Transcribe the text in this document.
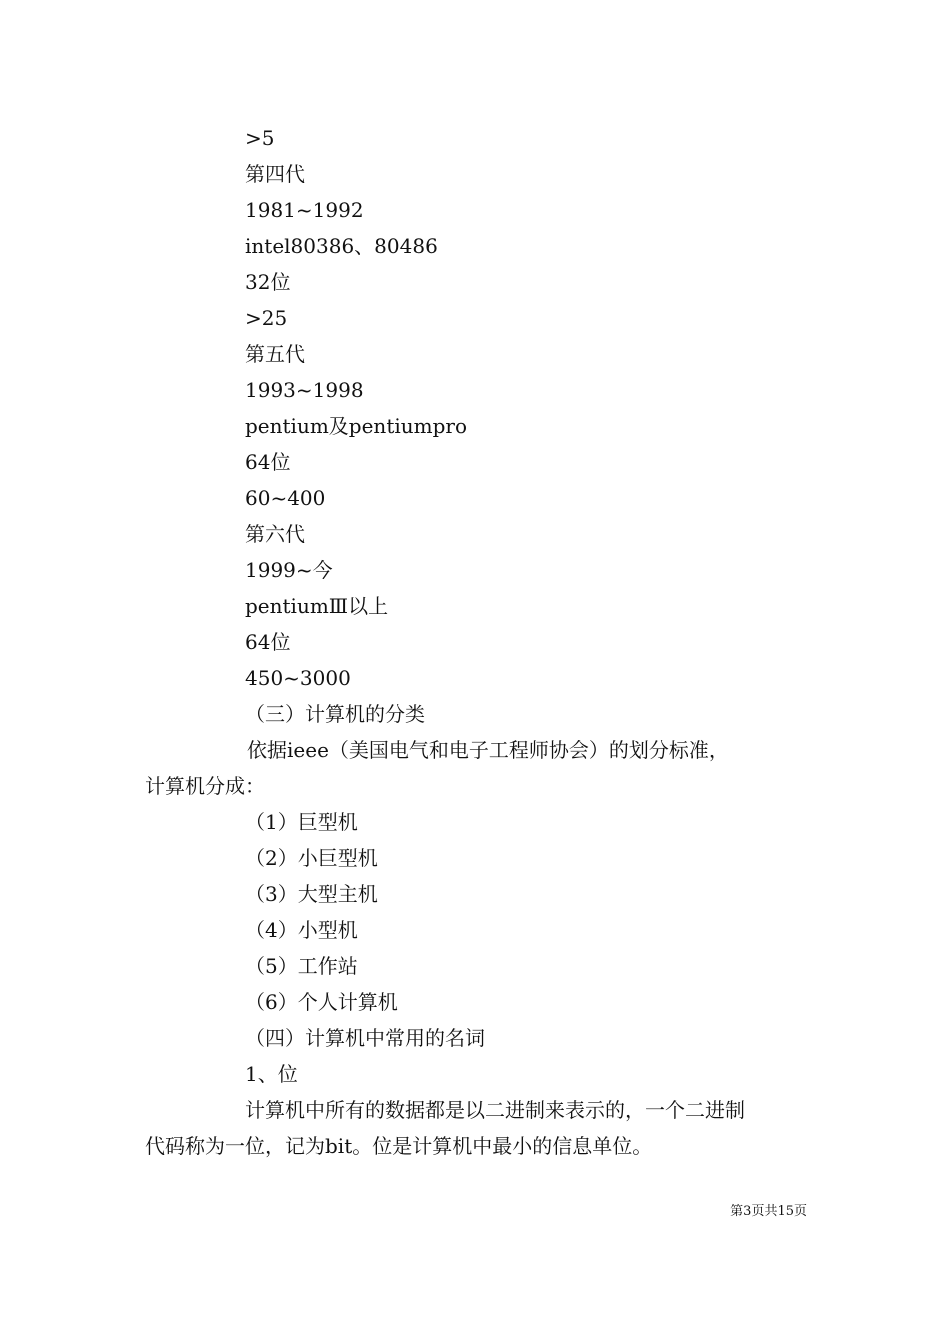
>5
第四代
1981~1992
intel80386、80486
32位
>25
第五代
1993~1998
pentium及pentiumpro
64位
60~400
第六代
1999~今
pentiumⅢ以上
64位
450~3000
（三）计算机的分类
依据ieee（美国电气和电子工程师协会）的划分标准，
计算机分成：
（1）巨型机
（2）小巨型机
（3）大型主机
（4）小型机
（5）工作站
（6）个人计算机
（四）计算机中常用的名词
1、位
计算机中所有的数据都是以二进制来表示的，一个二进制
代码称为一位，记为bit。位是计算机中最小的信息单位。
第3页共15页
